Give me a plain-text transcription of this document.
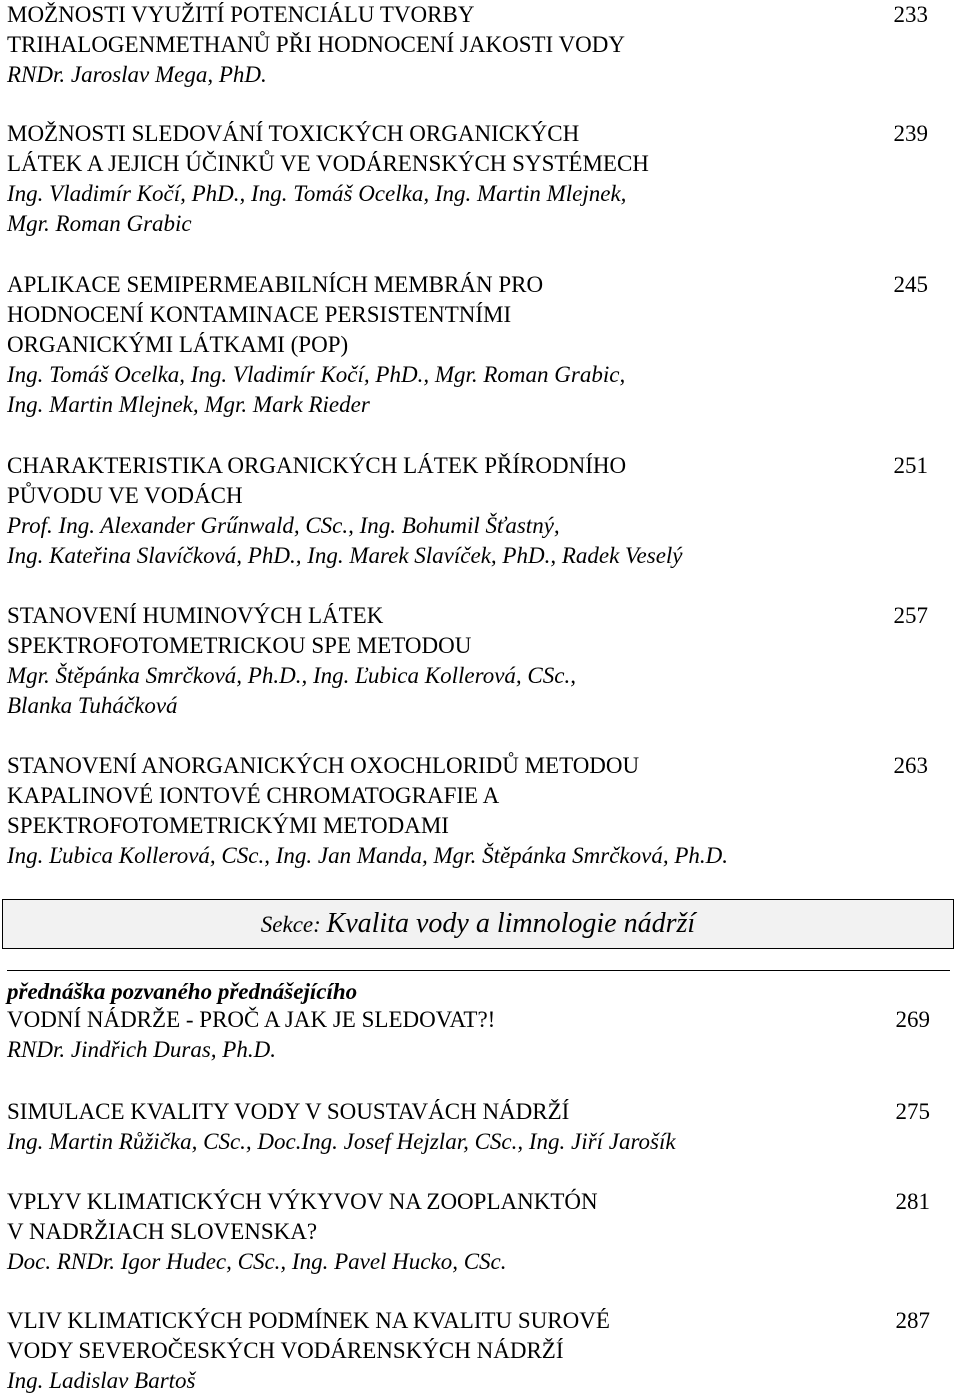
MOŽNOSTI VYUŽITÍ POTENCIÁLU TVORBY
TRIHALOGENMETHANŮ PŘI HODNOCENÍ JAKOSTI VODY
RNDr. Jaroslav Mega, PhD.
233
MOŽNOSTI SLEDOVÁNÍ TOXICKÝCH ORGANICKÝCH
LÁTEK A JEJICH ÚČINKŮ VE VODÁRENSKÝCH SYSTÉMECH
Ing. Vladimír Kočí, PhD., Ing. Tomáš Ocelka, Ing. Martin Mlejnek,
Mgr. Roman Grabic
239
APLIKACE SEMIPERMEABILNÍCH MEMBRÁN PRO
HODNOCENÍ KONTAMINACE PERSISTENTNÍMI
ORGANICKÝMI LÁTKAMI (POP)
Ing. Tomáš Ocelka, Ing. Vladimír Kočí, PhD., Mgr. Roman Grabic,
Ing. Martin Mlejnek, Mgr. Mark Rieder
245
CHARAKTERISTIKA ORGANICKÝCH LÁTEK PŘÍRODNÍHO
PŮVODU VE VODÁCH
Prof. Ing. Alexander Grűnwald, CSc., Ing. Bohumil Šťastný,
Ing. Kateřina Slavíčková, PhD., Ing. Marek Slavíček, PhD., Radek Veselý
251
STANOVENÍ HUMINOVÝCH LÁTEK
SPEKTROFOTOMETRICKOU SPE METODOU
Mgr. Štěpánka Smrčková, Ph.D., Ing. Ľubica Kollerová, CSc.,
Blanka Tuháčková
257
STANOVENÍ ANORGANICKÝCH OXOCHLORIDŮ METODOU
KAPALINOVÉ IONTOVÉ CHROMATOGRAFIE A
SPEKTROFOTOMETRICKÝMI METODAMI
Ing. Ľubica Kollerová, CSc., Ing. Jan Manda, Mgr. Štěpánka Smrčková, Ph.D.
263
Sekce: Kvalita vody a limnologie nádrží
přednáška pozvaného přednášejícího
VODNÍ NÁDRŽE - PROČ A JAK JE SLEDOVAT?!
RNDr. Jindřich Duras, Ph.D.
269
SIMULACE KVALITY VODY V SOUSTAVÁCH NÁDRŽÍ
Ing. Martin Růžička, CSc., Doc.Ing. Josef Hejzlar, CSc., Ing. Jiří Jarošík
275
VPLYV KLIMATICKÝCH VÝKYVOV NA ZOOPLANKTÓN
V NADRŽIACH SLOVENSKA?
Doc. RNDr. Igor Hudec, CSc., Ing. Pavel Hucko, CSc.
281
VLIV KLIMATICKÝCH PODMÍNEK NA KVALITU SUROVÉ
VODY SEVEROČESKÝCH VODÁRENSKÝCH NÁDRŽÍ
Ing. Ladislav Bartoš
287
